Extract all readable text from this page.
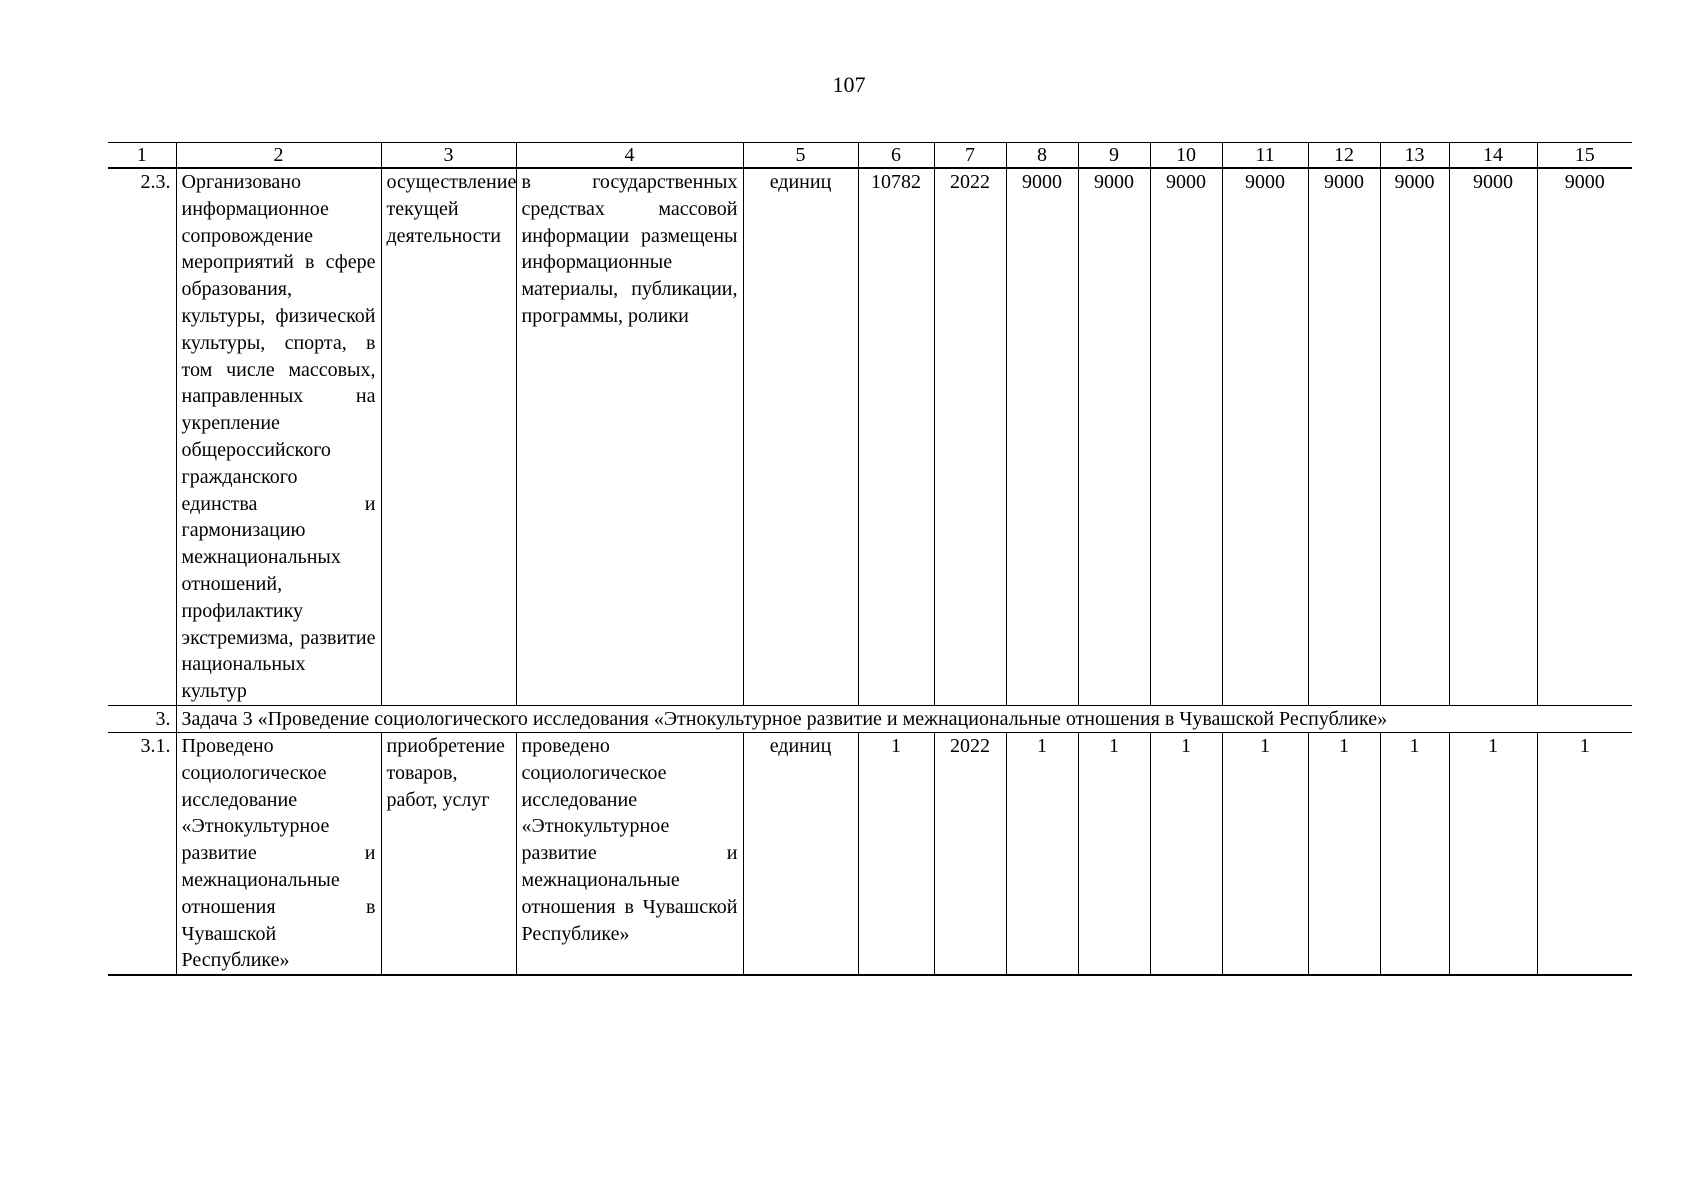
107
1	2	3	4	5	6	7	8	9	10	11	12	13	14	15
2.3.	Организовано информационное сопровождение мероприятий в сфере образования, культуры, физической культуры, спорта, в том числе массовых, направленных на укрепление общероссийского гражданского единства и гармонизацию межнациональных отношений, профилактику экстремизма, развитие национальных культур	осуществление текущей деятельности	в государственных средствах массовой информации размещены информационные материалы, публикации, программы, ролики	единиц	10782	2022	9000	9000	9000	9000	9000	9000	9000	9000
3.	Задача 3 «Проведение социологического исследования «Этнокультурное развитие и межнациональные отношения в Чувашской Республике»													
3.1.	Проведено социологическое исследование «Этнокультурное развитие и межнациональные отношения в Чувашской Республике»	приобретение товаров, работ, услуг	проведено социологическое исследование «Этнокультурное развитие и межнациональные отношения в Чувашской Республике»	единиц	1	2022	1	1	1	1	1	1	1	1
